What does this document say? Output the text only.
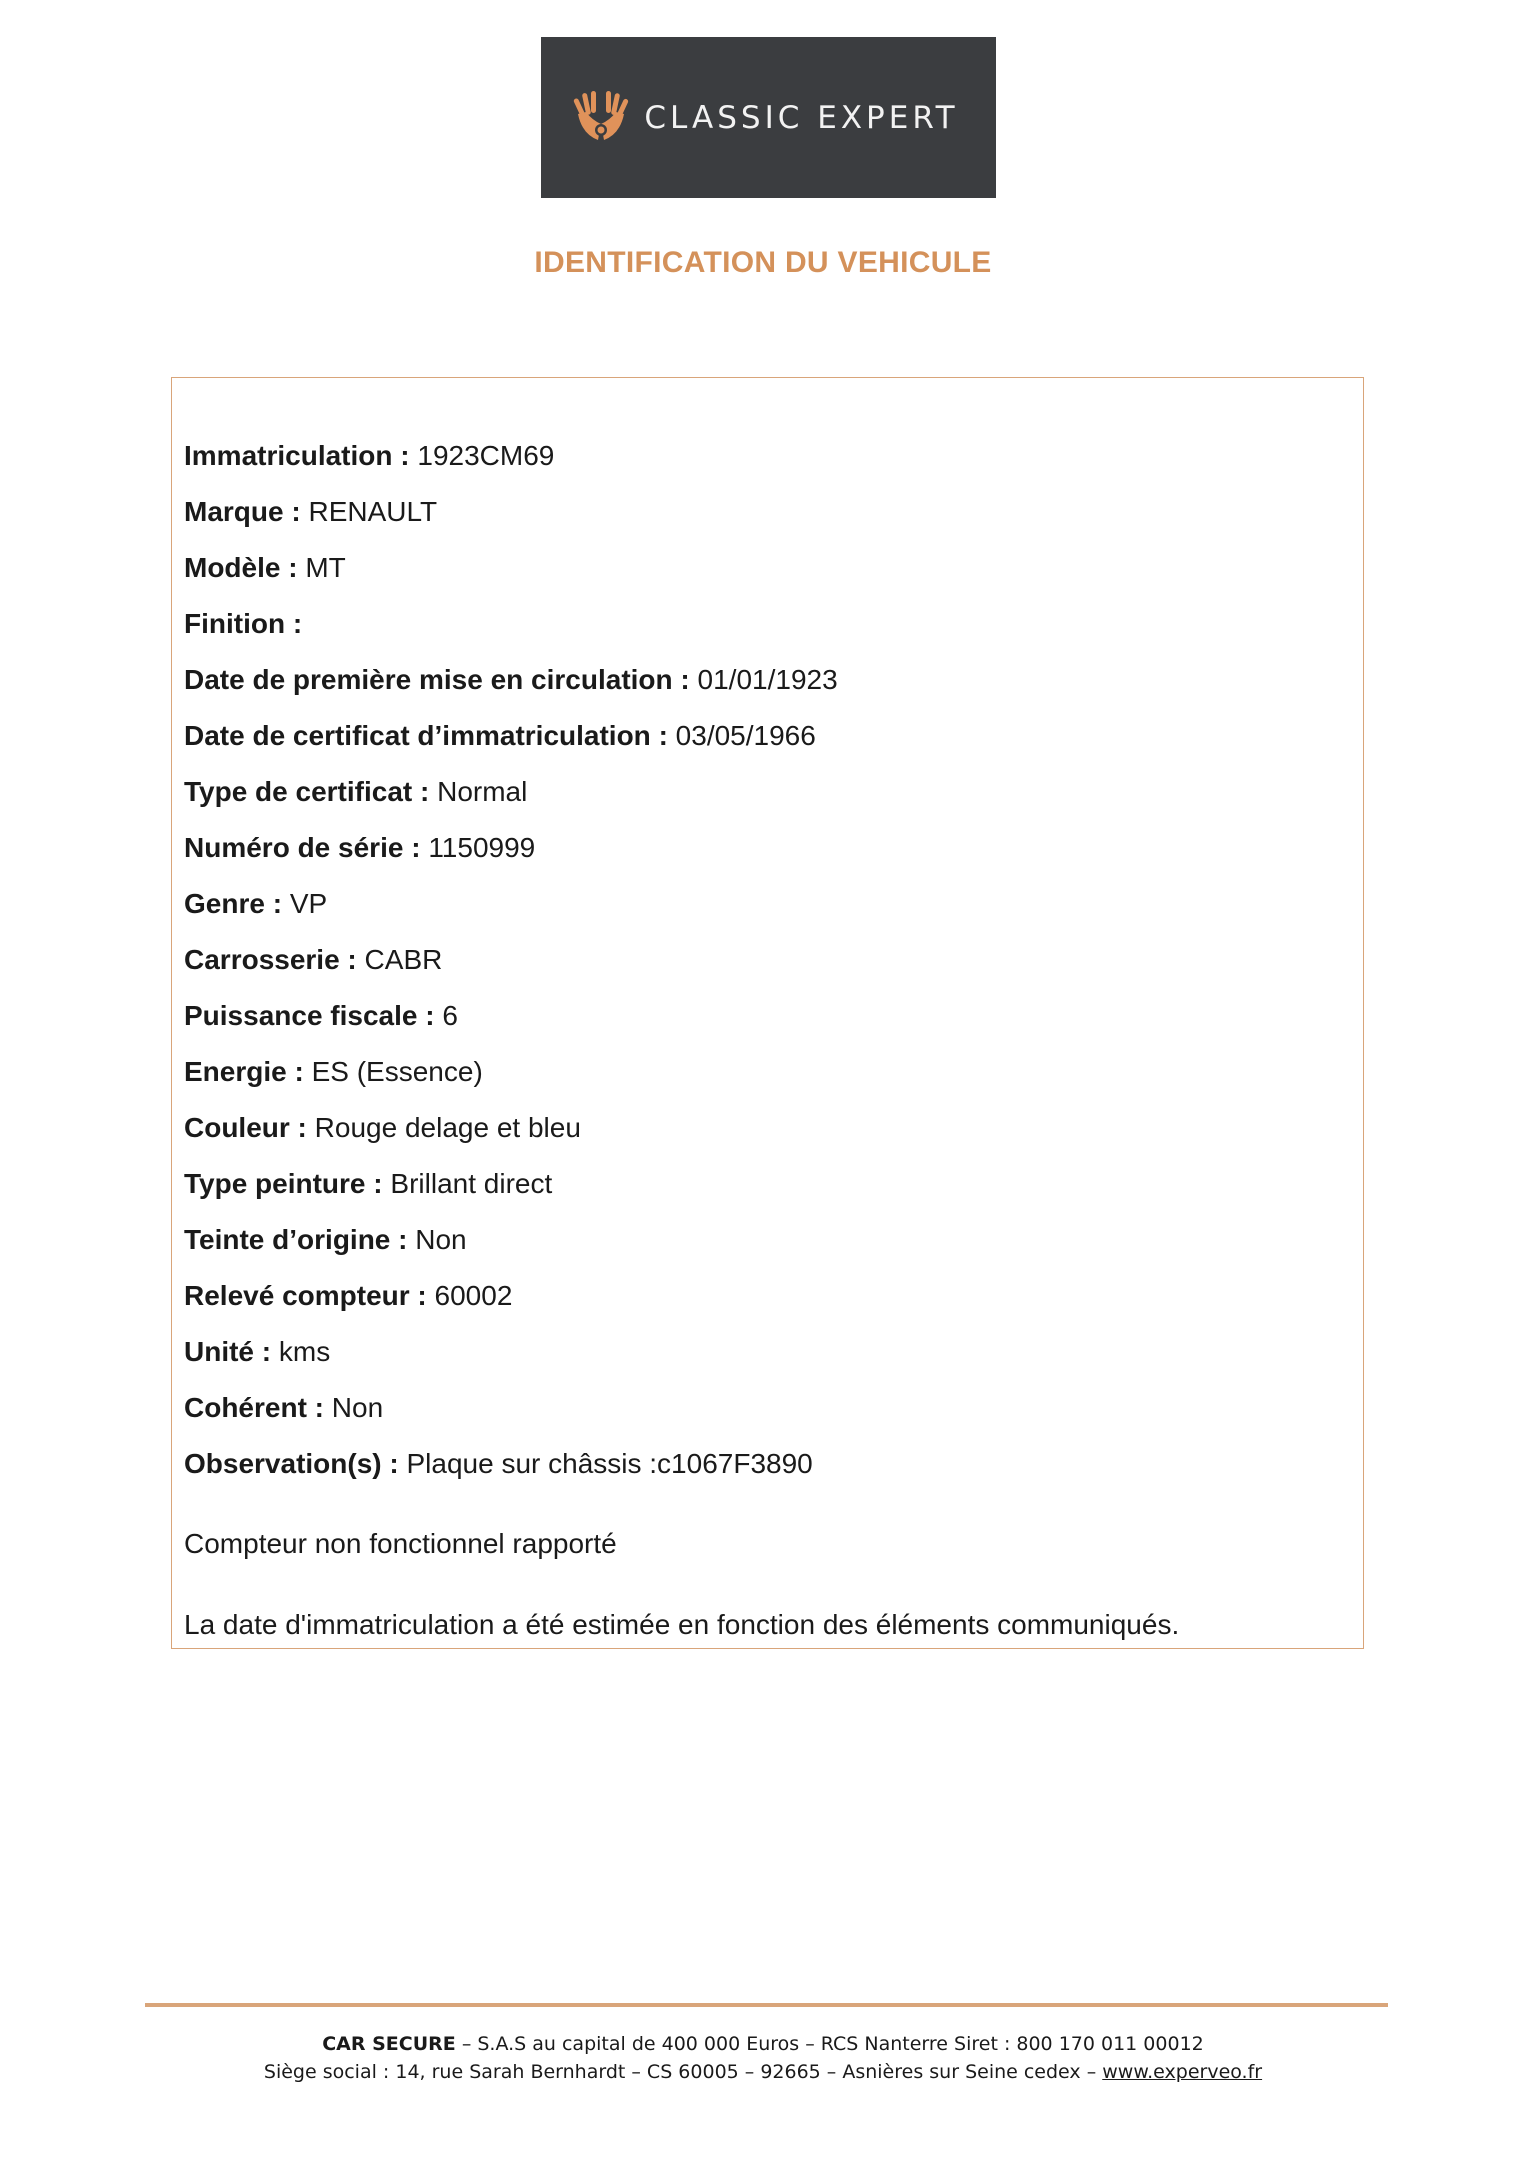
CLASSIC EXPERT
IDENTIFICATION DU VEHICULE
Immatriculation : 1923CM69
Marque : RENAULT
Modèle : MT
Finition :
Date de première mise en circulation : 01/01/1923
Date de certificat d’immatriculation : 03/05/1966
Type de certificat : Normal
Numéro de série : 1150999
Genre : VP
Carrosserie : CABR
Puissance fiscale : 6
Energie : ES (Essence)
Couleur : Rouge delage et bleu
Type peinture : Brillant direct
Teinte d’origine : Non
Relevé compteur : 60002
Unité : kms
Cohérent : Non
Observation(s) : Plaque sur châssis :c1067F3890
Compteur non fonctionnel rapporté
La date d'immatriculation a été estimée en fonction des éléments communiqués.
CAR SECURE – S.A.S au capital de 400 000 Euros – RCS Nanterre Siret : 800 170 011 00012
Siège social : 14, rue Sarah Bernhardt – CS 60005 – 92665 – Asnières sur Seine cedex – www.experveo.fr
